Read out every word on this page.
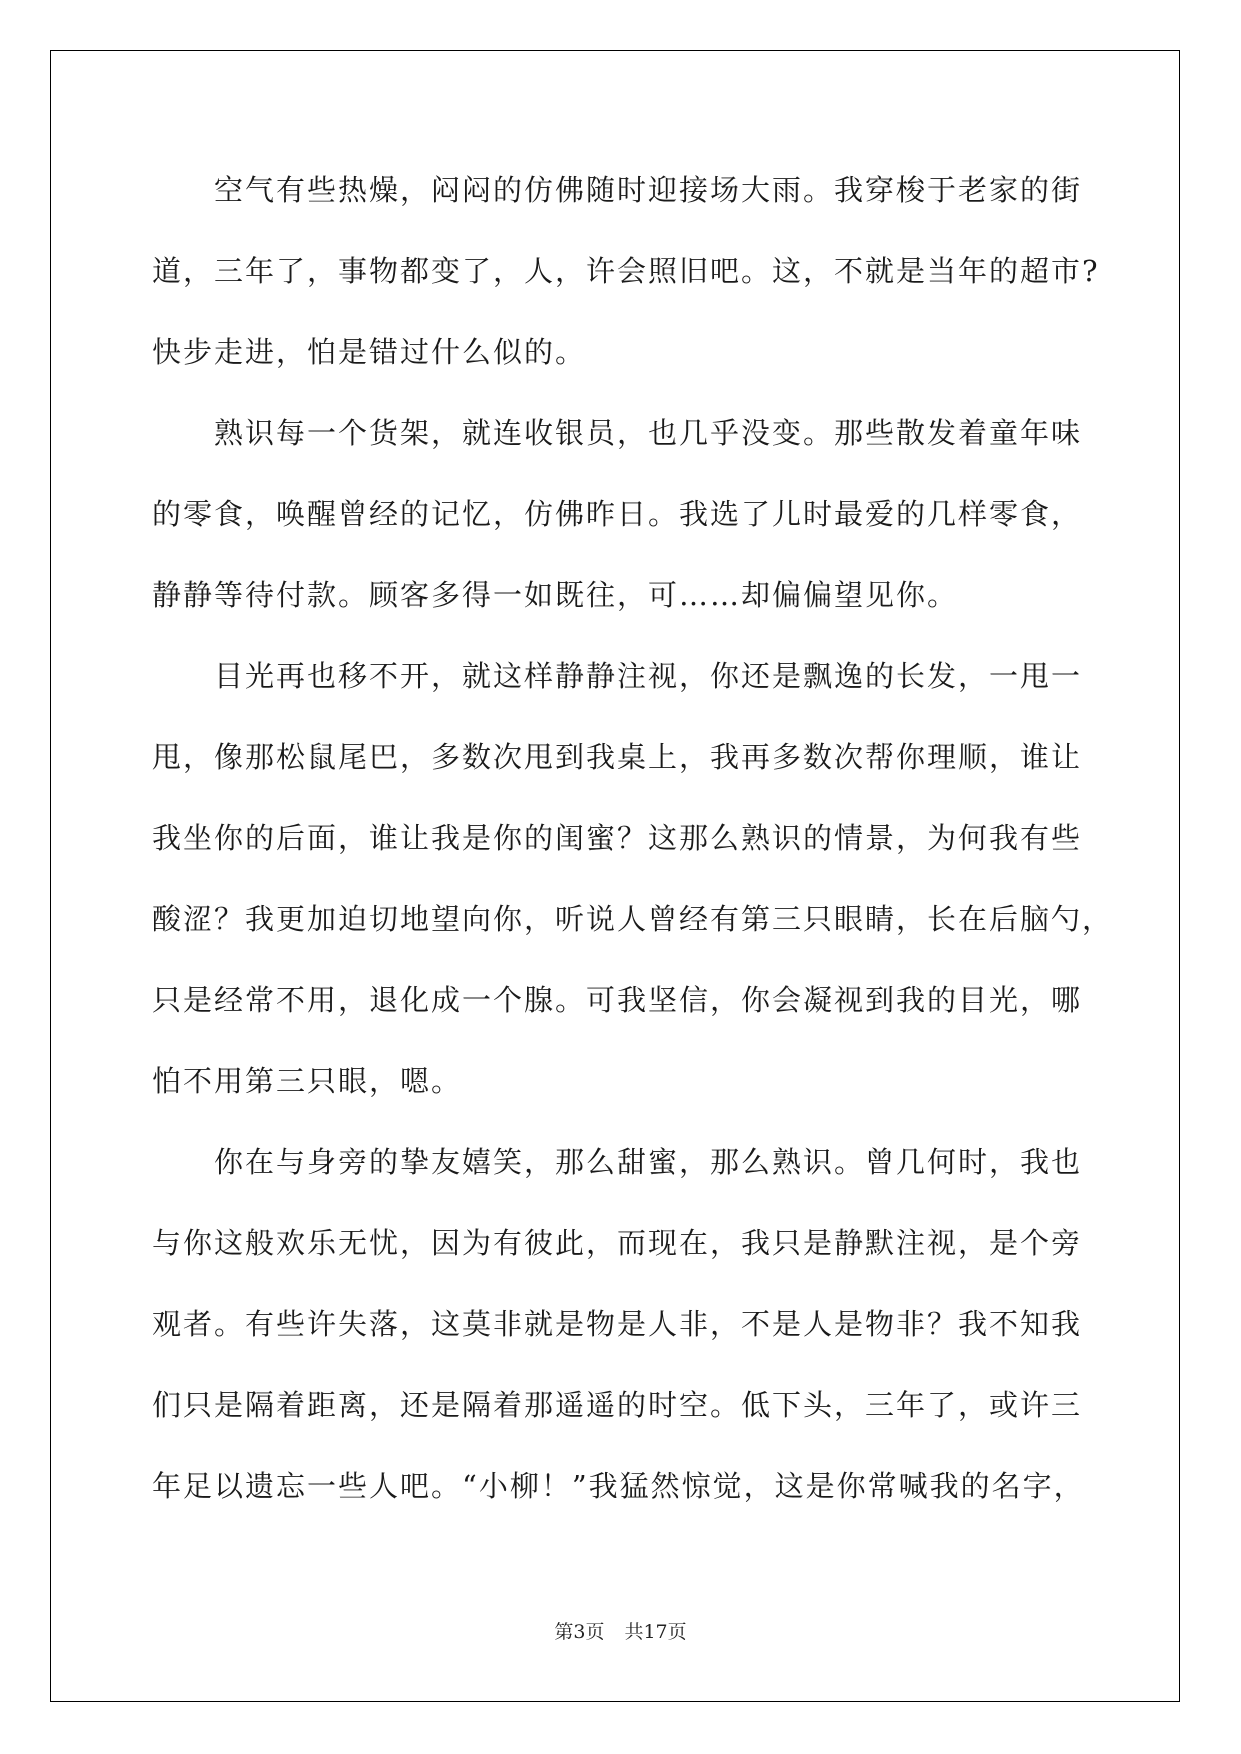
　　空气有些热燥，闷闷的仿佛随时迎接场大雨。我穿梭于老家的街
道，三年了，事物都变了，人，许会照旧吧。这，不就是当年的超市?
快步走进，怕是错过什么似的。
　　熟识每一个货架，就连收银员，也几乎没变。那些散发着童年味
的零食，唤醒曾经的记忆，仿佛昨日。我选了儿时最爱的几样零食，
静静等待付款。顾客多得一如既往，可……却偏偏望见你。
　　目光再也移不开，就这样静静注视，你还是飘逸的长发，一甩一
甩，像那松鼠尾巴，多数次甩到我桌上，我再多数次帮你理顺，谁让
我坐你的后面，谁让我是你的闺蜜？这那么熟识的情景，为何我有些
酸涩？我更加迫切地望向你，听说人曾经有第三只眼睛，长在后脑勺，
只是经常不用，退化成一个腺。可我坚信，你会凝视到我的目光，哪
怕不用第三只眼，嗯。
　　你在与身旁的挚友嬉笑，那么甜蜜，那么熟识。曾几何时，我也
与你这般欢乐无忧，因为有彼此，而现在，我只是静默注视，是个旁
观者。有些许失落，这莫非就是物是人非，不是人是物非？我不知我
们只是隔着距离，还是隔着那遥遥的时空。低下头，三年了，或许三
年足以遗忘一些人吧。“小柳！”我猛然惊觉，这是你常喊我的名字，
第3页 共17页
